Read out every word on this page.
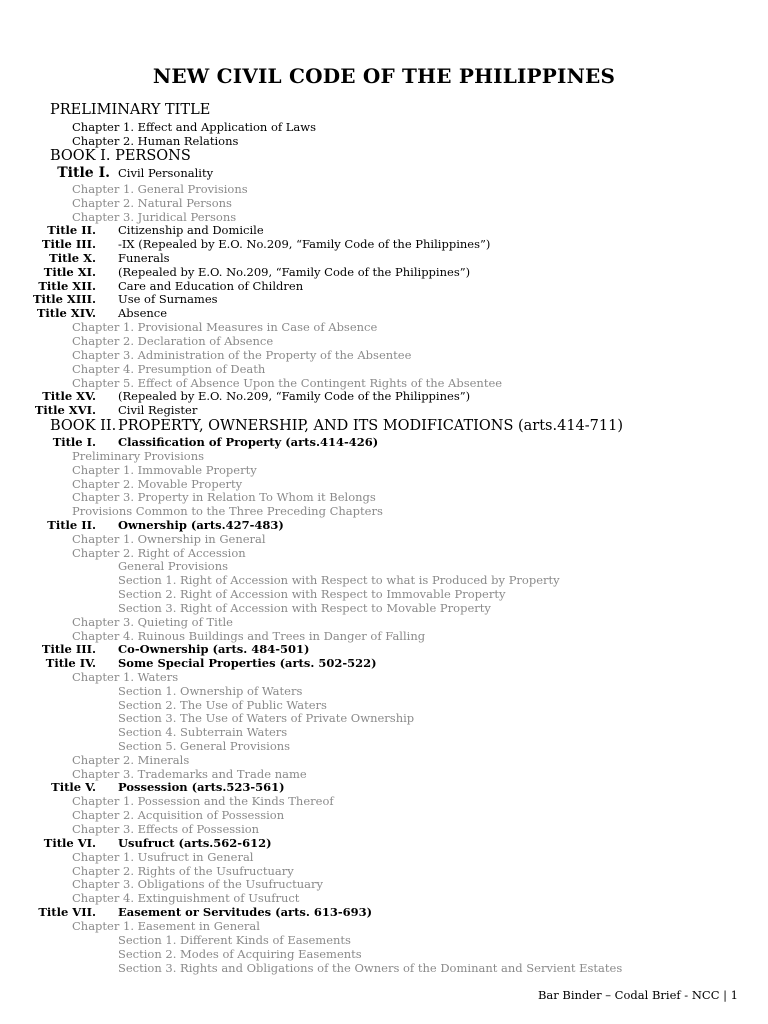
NEW CIVIL CODE OF THE PHILIPPINES
PRELIMINARY TITLE
Chapter 1. Effect and Application of Laws
Chapter 2. Human Relations
BOOK I. PERSONS
Title I. Civil Personality
Chapter 1. General Provisions
Chapter 2. Natural Persons
Chapter 3. Juridical Persons
Title II. Citizenship and Domicile
Title III. -IX (Repealed by E.O. No.209, “Family Code of the Philippines”)
Title X. Funerals
Title XI. (Repealed by E.O. No.209, “Family Code of the Philippines”)
Title XII. Care and Education of Children
Title XIII. Use of Surnames
Title XIV. Absence
Chapter 1. Provisional Measures in Case of Absence
Chapter 2. Declaration of Absence
Chapter 3. Administration of the Property of the Absentee
Chapter 4. Presumption of Death
Chapter 5. Effect of Absence Upon the Contingent Rights of the Absentee
Title XV. (Repealed by E.O. No.209, “Family Code of the Philippines”)
Title XVI. Civil Register
BOOK II. PROPERTY, OWNERSHIP, AND ITS MODIFICATIONS (arts.414-711)
Title I. Classification of Property (arts.414-426)
Preliminary Provisions
Chapter 1. Immovable Property
Chapter 2. Movable Property
Chapter 3. Property in Relation To Whom it Belongs
Provisions Common to the Three Preceding Chapters
Title II. Ownership (arts.427-483)
Chapter 1. Ownership in General
Chapter 2. Right of Accession
General Provisions
Section 1. Right of Accession with Respect to what is Produced by Property
Section 2. Right of Accession with Respect to Immovable Property
Section 3. Right of Accession with Respect to Movable Property
Chapter 3. Quieting of Title
Chapter 4. Ruinous Buildings and Trees in Danger of Falling
Title III. Co-Ownership (arts. 484-501)
Title IV. Some Special Properties (arts. 502-522)
Chapter 1. Waters
Section 1. Ownership of Waters
Section 2. The Use of Public Waters
Section 3. The Use of Waters of Private Ownership
Section 4. Subterrain Waters
Section 5. General Provisions
Chapter 2. Minerals
Chapter 3. Trademarks and Trade name
Title V. Possession (arts.523-561)
Chapter 1. Possession and the Kinds Thereof
Chapter 2. Acquisition of Possession
Chapter 3. Effects of Possession
Title VI. Usufruct (arts.562-612)
Chapter 1. Usufruct in General
Chapter 2. Rights of the Usufructuary
Chapter 3. Obligations of the Usufructuary
Chapter 4. Extinguishment of Usufruct
Title VII. Easement or Servitudes (arts. 613-693)
Chapter 1. Easement in General
Section 1. Different Kinds of Easements
Section 2. Modes of Acquiring Easements
Section 3. Rights and Obligations of the Owners of the Dominant and Servient Estates
Bar Binder – Codal Brief - NCC | 1
